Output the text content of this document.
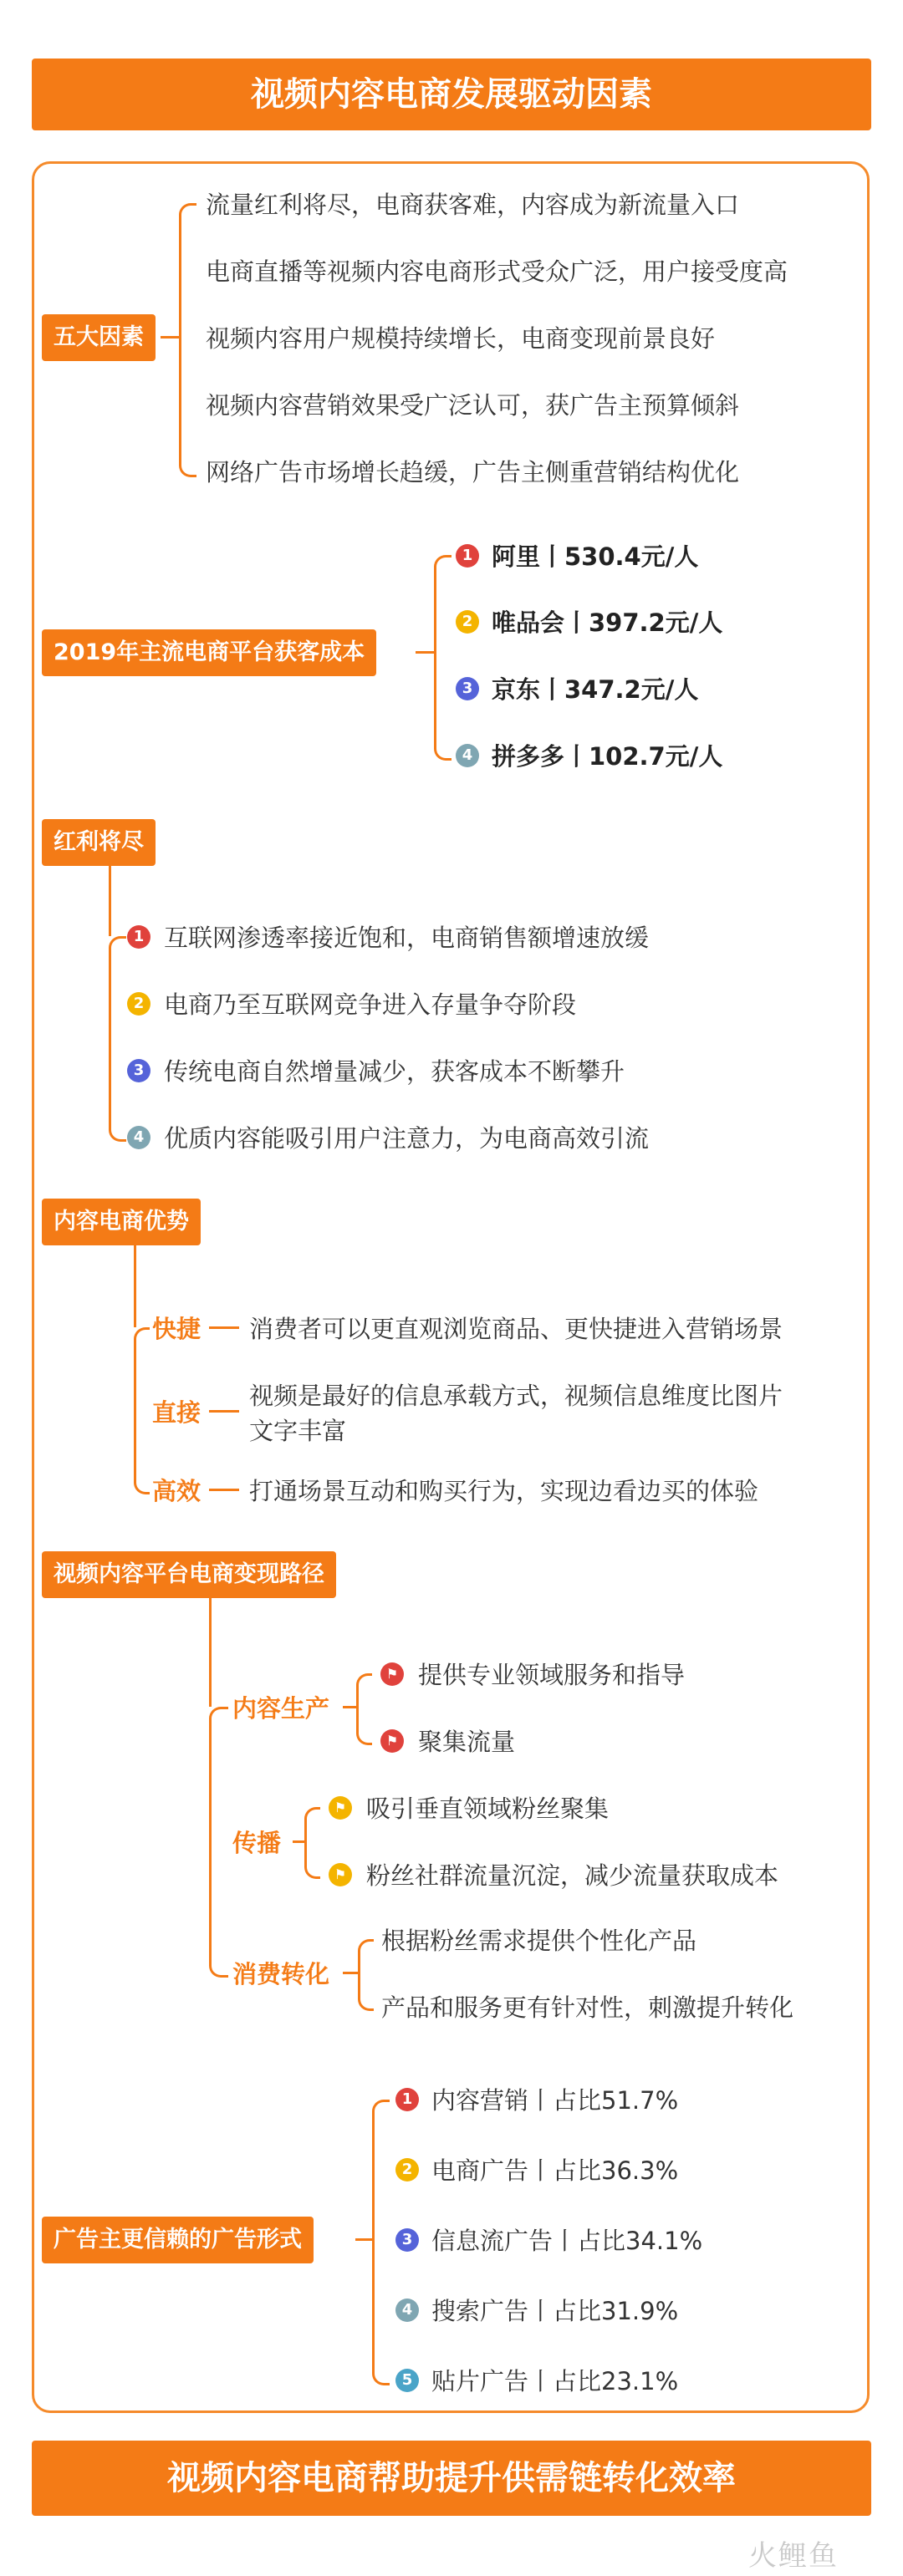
视频内容电商发展驱动因素
五大因素
流量红利将尽，电商获客难，内容成为新流量入口
电商直播等视频内容电商形式受众广泛，用户接受度高
视频内容用户规模持续增长，电商变现前景良好
视频内容营销效果受广泛认可，获广告主预算倾斜
网络广告市场增长趋缓，广告主侧重营销结构优化
2019年主流电商平台获客成本
1 阿里丨530.4元/人
2 唯品会丨397.2元/人
3 京东丨347.2元/人
4 拼多多丨102.7元/人
红利将尽
1 互联网渗透率接近饱和，电商销售额增速放缓
2 电商乃至互联网竞争进入存量争夺阶段
3 传统电商自然增量减少，获客成本不断攀升
4 优质内容能吸引用户注意力，为电商高效引流
内容电商优势
快捷 消费者可以更直观浏览商品、更快捷进入营销场景
直接
视频是最好的信息承载方式，视频信息维度比图片
文字丰富
高效 打通场景互动和购买行为，实现边看边买的体验
视频内容平台电商变现路径
内容生产
⚑ 提供专业领域服务和指导
⚑ 聚集流量
传播
⚑ 吸引垂直领域粉丝聚集
⚑ 粉丝社群流量沉淀，减少流量获取成本
消费转化
根据粉丝需求提供个性化产品
产品和服务更有针对性，刺激提升转化
广告主更信赖的广告形式
1 内容营销丨占比51.7%
2 电商广告丨占比36.3%
3 信息流广告丨占比34.1%
4 搜索广告丨占比31.9%
5 贴片广告丨占比23.1%
视频内容电商帮助提升供需链转化效率
火鲤鱼
